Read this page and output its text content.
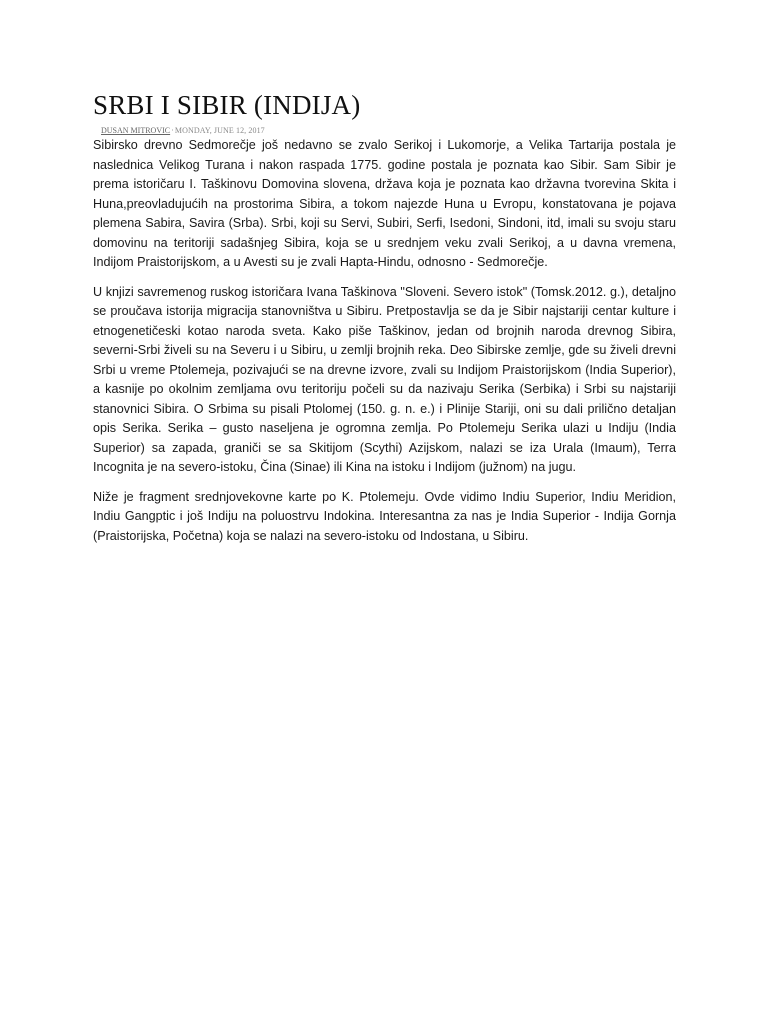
SRBI I SIBIR (INDIJA)
DUSAN MITROVIC·MONDAY, JUNE 12, 2017

Sibirsko drevno Sedmorečje još nedavno se zvalo Serikoj i Lukomorje, a Velika Tartarija postala je naslednica Velikog Turana i nakon raspada 1775. godine postala je poznata kao Sibir. Sam Sibir je prema istoričaru I. Taškinovu Domovina slovena, država koja je poznata kao državna tvorevina Skita i Huna,preovladujućih na prostorima Sibira, a tokom najezde Huna u Evropu, konstatovana je pojava plemena Sabira, Savira (Srba). Srbi, koji su Servi, Subiri, Serfi, Isedoni, Sindoni, itd, imali su svoju staru domovinu na teritoriji sadašnjeg Sibira, koja se u srednjem veku zvali Serikoj, a u davna vremena, Indijom Praistorijskom, a u Avesti su je zvali Hapta-Hindu, odnosno - Sedmorečje.

U knjizi savremenog ruskog istoričara Ivana Taškinova "Sloveni. Severo istok" (Tomsk.2012. g.), detaljno se proučava istorija migracija stanovništva u Sibiru. Pretpostavlja se da je Sibir najstariji centar kulture i etnogenetičeski kotao naroda sveta. Kako piše Taškinov, jedan od brojnih naroda drevnog Sibira, severni-Srbi živeli su na Severu i u Sibiru, u zemlji brojnih reka. Deo Sibirske zemlje, gde su živeli drevni Srbi u vreme Ptolemeja, pozivajući se na drevne izvore, zvali su Indijom Praistorijskom (India Superior), a kasnije po okolnim zemljama ovu teritoriju počeli su da nazivaju Serika (Serbika) i Srbi su najstariji stanovnici Sibira. O Srbima su pisali Ptolomej (150. g. n. e.) i Plinije Stariji, oni su dali prilično detaljan opis Serika. Serika – gusto naseljena je ogromna zemlja. Po Ptolemeju Serika ulazi u Indiju (India Superior) sa zapada, graniči se sa Skitijom (Scythi) Azijskom, nalazi se iza Urala (Imaum), Terra Incognita je na severo-istoku, Čina (Sinae) ili Kina na istoku i Indijom (južnom) na jugu.

Niže je fragment srednjovekovne karte po K. Ptolemeju. Ovde vidimo Indiu Superior, Indiu Meridion, Indiu Gangptic i još Indiju na poluostrvu Indokina. Interesantna za nas je India Superior - Indija Gornja (Praistorijska, Početna) koja se nalazi na severo-istoku od Indostana, u Sibiru.
